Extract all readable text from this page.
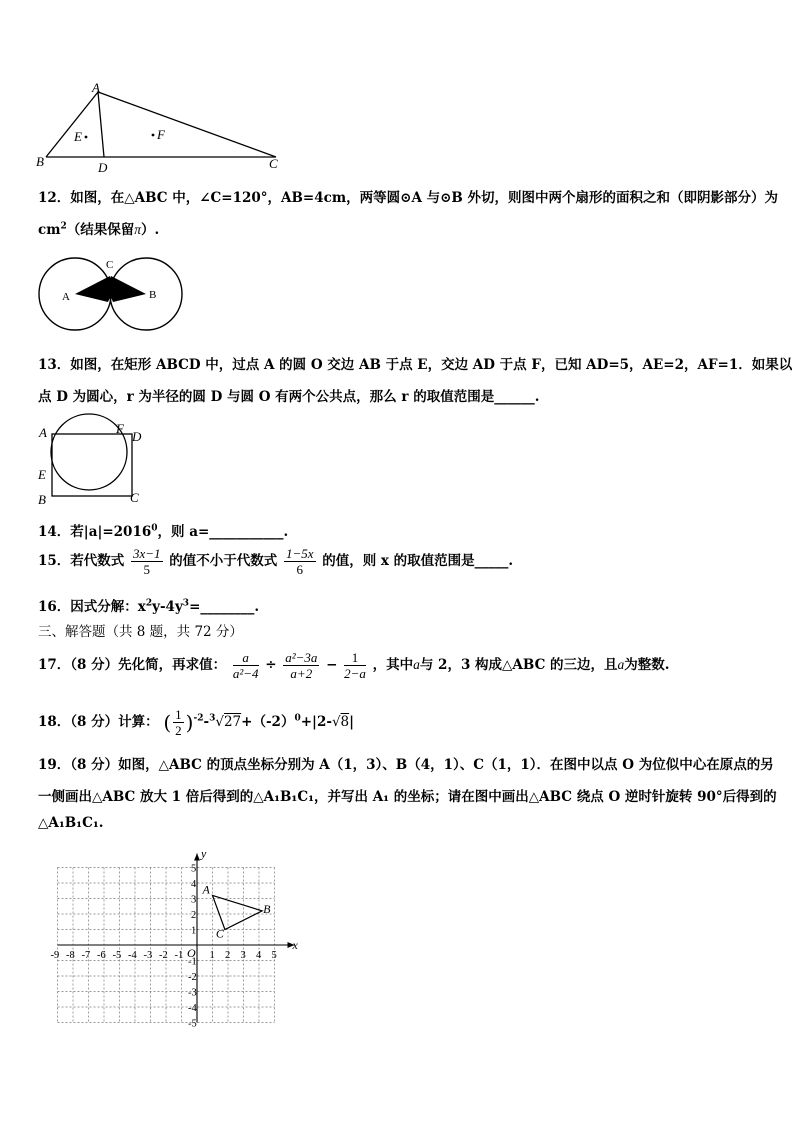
A
B	C
D
E	F
12．如图，在△ABC 中，∠C=120°，AB=4cm，两等圆⊙A 与⊙B 外切，则图中两个扇形的面积之和（即阴影部分）为
$cm^2$（结果保留π）.
A	B
C
13．如图，在矩形 ABCD 中，过点 A 的圆 O 交边 AB 于点 E，交边 AD 于点 F，已知 AD=5，AE=2，AF=1．如果以
点 D 为圆心，r 为半径的圆 D 与圆 O 有两个公共点，那么 r 的取值范围是______.
A	F
D
E
B	C
14．若$|a|=2016^0$，则 a=___________.
15．若代数式 $\frac{3x-1}{5}$ 的值不小于代数式 $\frac{1-5x}{6}$ 的值，则 x 的取值范围是_____.
16．因式分解：$x^2y-4y^3=\_\_\_\_\_\_\_\_$.
三、解答题（共 8 题，共 72 分）
17．（8 分）先化简，再求值： $\frac{a}{\text{a²−4}} \div \frac{\text{a²−3a}}{a+2} - \frac{1}{2-a}$ ，其中a与 2，3 构成△ABC 的三边，且a为整数.
18．（8 分）计算： ( $\frac{1}{2} )^{-2}-^3√27+(-2)^0+|2-√8|$
19．（8 分）如图，△ABC 的顶点坐标分别为 A（1，3）、B（4，1）、C（1，1）．在图中以点 O 为位似中心在原点的另
一侧画出△ABC 放大 1 倍后得到的△A₁B₁C₁，并写出 A₁ 的坐标；请在图中画出△ABC 绕点 O 逆时针旋转 90°后得到的
△A₁B₁C₁.
x
y
O
-9 -8 -7 -6 -5 -4 -3 -2 -1	1 2 3 4 5
5
4
3
2
1
-1
-2
-3
-4
-5
A
B
C
